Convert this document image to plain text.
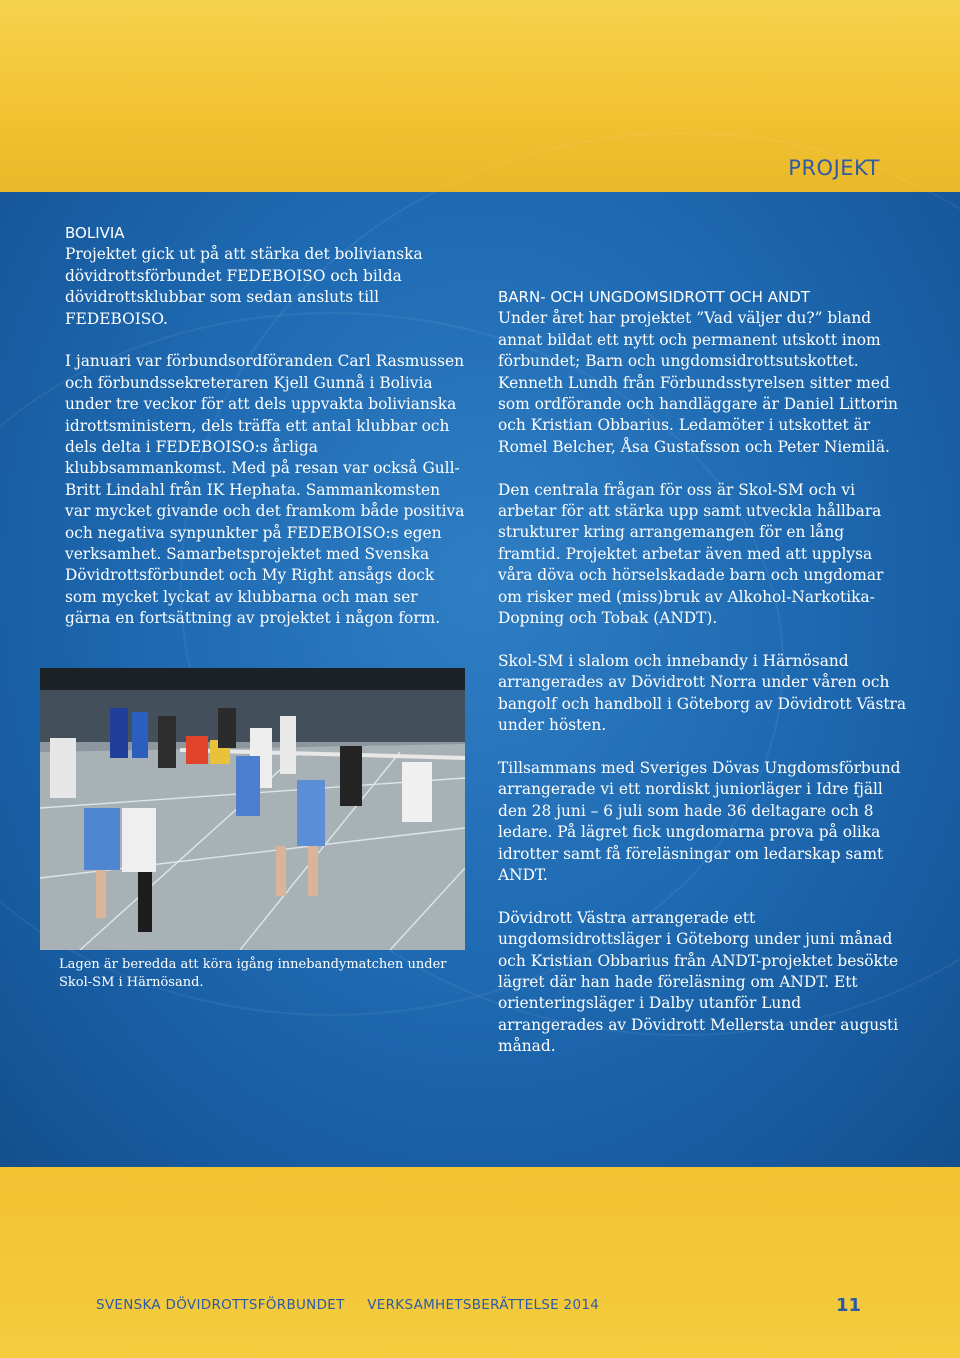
BOLIVIA

Projektet gick ut på att stärka det bolivianska dövidrottsförbundet FEDEBOISO och bilda dövidrottsklubbar som sedan ansluts till FEDEBOISO.

I januari var förbundsordföranden Carl Rasmussen och förbundssekreteraren Kjell Gunnå i Bolivia under tre veckor för att dels uppvakta bolivianska idrottsministern, dels träffa ett antal klubbar och dels delta i FEDEBOISO:s årliga klubbsammankomst. Med på resan var också Gull-Britt Lindahl från IK Hephata. Sammankomsten var mycket givande och det framkom både positiva och negativa synpunkter på FEDEBOISO:s egen verksamhet. Samarbetsprojektet med Svenska Dövidrottsförbundet och My Right ansågs dock som mycket lyckat av klubbarna och man ser gärna en fortsättning av projektet i någon form.

Lagen är beredda att köra igång innebandymatchen under Skol-SM i Härnösand.
BARN- OCH UNGDOMSIDROTT OCH ANDT

Under året har projektet ”Vad väljer du?” bland annat bildat ett nytt och permanent utskott inom förbundet; Barn och ungdomsidrottsutskottet. Kenneth Lundh från Förbundsstyrelsen sitter med som ordförande och handläggare är Daniel Littorin och Kristian Obbarius. Ledamöter i utskottet är Romel Belcher, Åsa Gustafsson och Peter Niemilä.

Den centrala frågan för oss är Skol-SM och vi arbetar för att stärka upp samt utveckla hållbara strukturer kring arrangemangen för en lång framtid. Projektet arbetar även med att upplysa våra döva och hörselskadade barn och ungdomar om risker med (miss)bruk av Alkohol-Narkotika-Dopning och Tobak (ANDT).

Skol-SM i slalom och innebandy i Härnösand arrangerades av Dövidrott Norra under våren och bangolf och handboll i Göteborg av Dövidrott Västra under hösten.

Tillsammans med Sveriges Dövas Ungdomsförbund arrangerade vi ett nordiskt juniorläger i Idre fjäll den 28 juni – 6 juli som hade 36 deltagare och 8 ledare. På lägret fick ungdomarna prova på olika idrotter samt få föreläsningar om ledarskap samt ANDT.

Dövidrott Västra arrangerade ett ungdomsidrottsläger i Göteborg under juni månad och Kristian Obbarius från ANDT-projektet besökte lägret där han hade föreläsning om ANDT. Ett orienteringsläger i Dalby utanför Lund arrangerades av Dövidrott Mellersta under augusti månad.

SVENSKA DÖVIDROTTSFÖRBUNDET VERKSAMHETSBERÄTTELSE 2014	11
